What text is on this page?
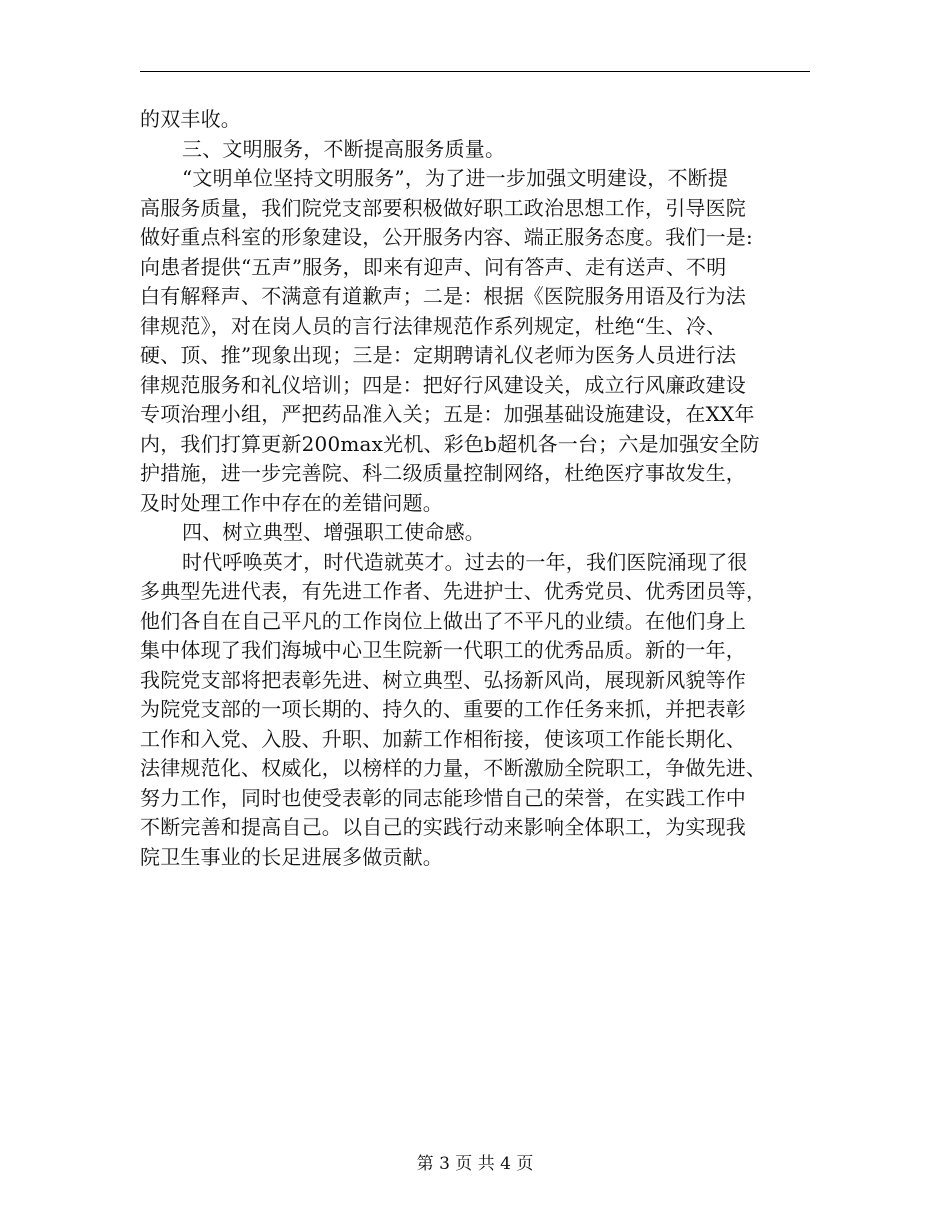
的双丰收。
三、文明服务，不断提高服务质量。
“文明单位坚持文明服务”，为了进一步加强文明建设，不断提
高服务质量，我们院党支部要积极做好职工政治思想工作，引导医院
做好重点科室的形象建设，公开服务内容、端正服务态度。我们一是:
向患者提供“五声”服务，即来有迎声、问有答声、走有送声、不明
白有解释声、不满意有道歉声；二是：根据《医院服务用语及行为法
律规范》，对在岗人员的言行法律规范作系列规定，杜绝“生、冷、
硬、顶、推”现象出现；三是：定期聘请礼仪老师为医务人员进行法
律规范服务和礼仪培训；四是：把好行风建设关，成立行风廉政建设
专项治理小组，严把药品准入关；五是：加强基础设施建设，在XX年
内，我们打算更新200max光机、彩色b超机各一台；六是加强安全防
护措施，进一步完善院、科二级质量控制网络，杜绝医疗事故发生，
及时处理工作中存在的差错问题。
四、树立典型、增强职工使命感。
时代呼唤英才，时代造就英才。过去的一年，我们医院涌现了很
多典型先进代表，有先进工作者、先进护士、优秀党员、优秀团员等，
他们各自在自己平凡的工作岗位上做出了不平凡的业绩。在他们身上
集中体现了我们海城中心卫生院新一代职工的优秀品质。新的一年，
我院党支部将把表彰先进、树立典型、弘扬新风尚，展现新风貌等作
为院党支部的一项长期的、持久的、重要的工作任务来抓，并把表彰
工作和入党、入股、升职、加薪工作相衔接，使该项工作能长期化、
法律规范化、权威化，以榜样的力量，不断激励全院职工，争做先进、
努力工作，同时也使受表彰的同志能珍惜自己的荣誉，在实践工作中
不断完善和提高自己。以自己的实践行动来影响全体职工，为实现我
院卫生事业的长足进展多做贡献。
第 3 页 共 4 页
